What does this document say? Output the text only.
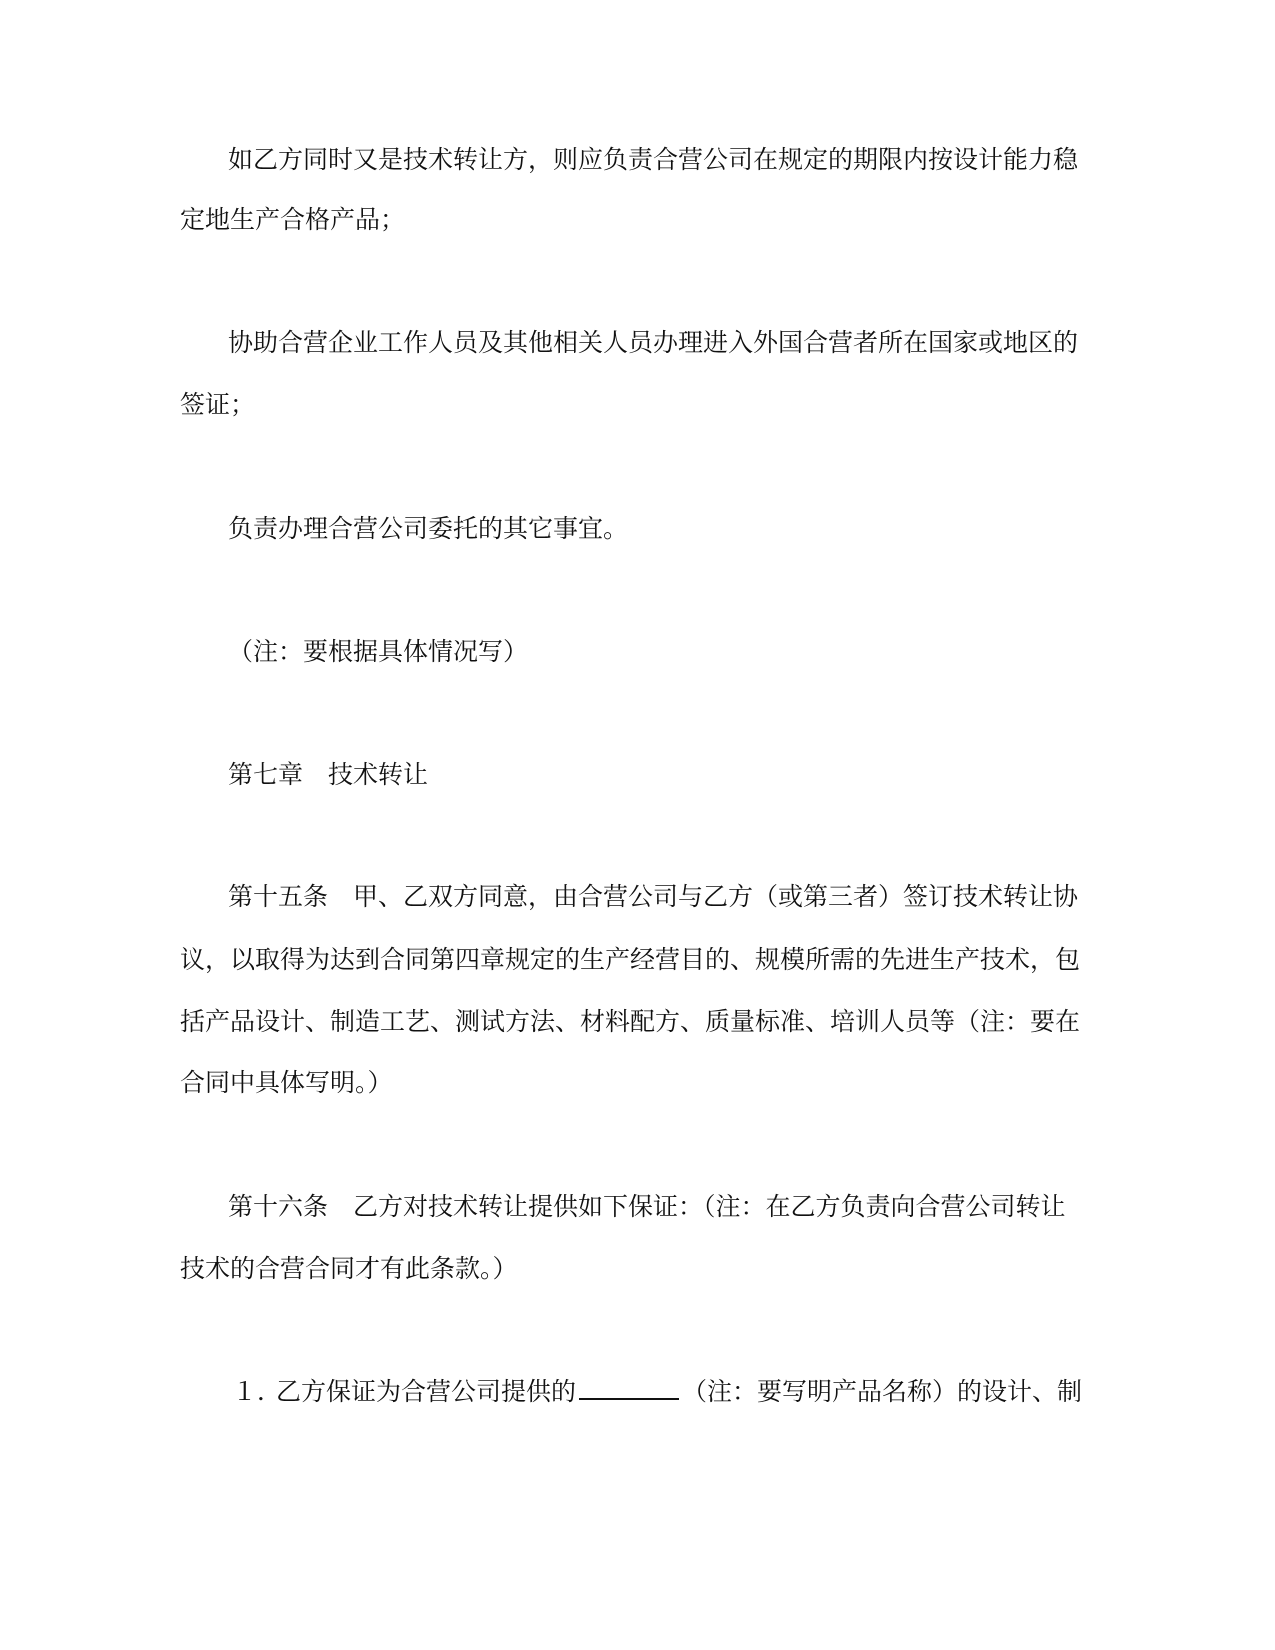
如乙方同时又是技术转让方，则应负责合营公司在规定的期限内按设计能力稳
定地生产合格产品；
协助合营企业工作人员及其他相关人员办理进入外国合营者所在国家或地区的
签证；
负责办理合营公司委托的其它事宜。
（注：要根据具体情况写）
第七章　技术转让
第十五条　甲、乙双方同意，由合营公司与乙方（或第三者）签订技术转让协
议，以取得为达到合同第四章规定的生产经营目的、规模所需的先进生产技术，包
括产品设计、制造工艺、测试方法、材料配方、质量标准、培训人员等（注：要在
合同中具体写明。）
第十六条　乙方对技术转让提供如下保证：（注：在乙方负责向合营公司转让
技术的合营合同才有此条款。）
１．
乙方保证为合营公司提供的	（注：要写明产品名称）的设计、制
